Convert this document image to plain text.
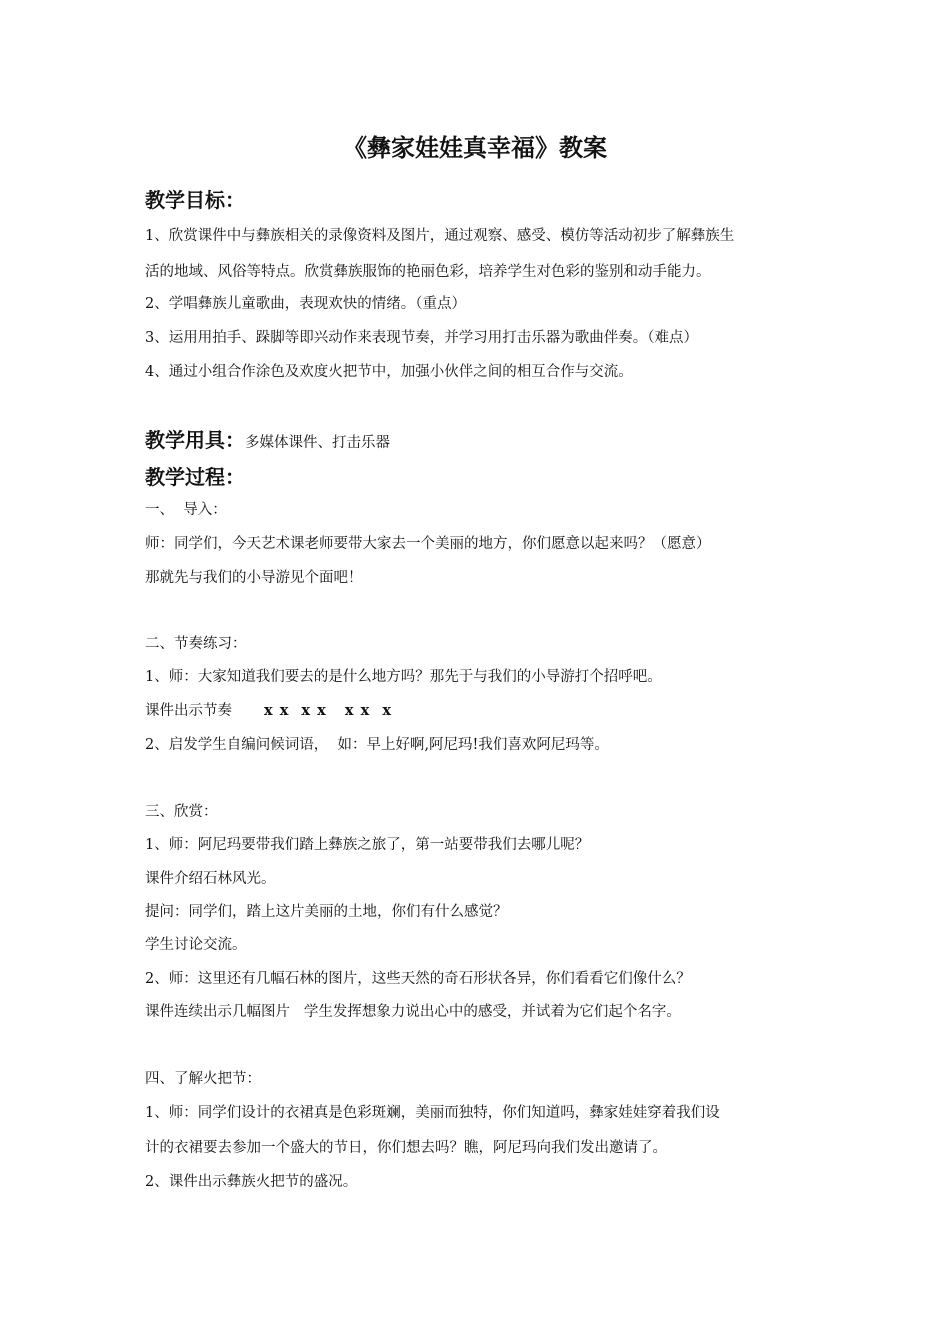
《彝家娃娃真幸福》教案
教学目标：
1、欣赏课件中与彝族相关的录像资料及图片，通过观察、感受、模仿等活动初步了解彝族生
活的地域、风俗等特点。欣赏彝族服饰的艳丽色彩，培养学生对色彩的鉴别和动手能力。
2、学唱彝族儿童歌曲，表现欢快的情绪。（重点）
3、运用用拍手、跺脚等即兴动作来表现节奏，并学习用打击乐器为歌曲伴奏。（难点）
4、通过小组合作涂色及欢度火把节中，加强小伙伴之间的相互合作与交流。
教学用具：多媒体课件、打击乐器
教学过程：
一、  导入：
师：同学们，今天艺术课老师要带大家去一个美丽的地方，你们愿意以起来吗？（愿意）
那就先与我们的小导游见个面吧！
二、节奏练习：
1、师：大家知道我们要去的是什么地方吗？那先于与我们的小导游打个招呼吧。
课件出示节奏 x x  x x   x x  x
2、启发学生自编问候词语，  如：早上好啊,阿尼玛!我们喜欢阿尼玛等。
三、欣赏：
1、师：阿尼玛要带我们踏上彝族之旅了，第一站要带我们去哪儿呢？
课件介绍石林风光。
提问：同学们，踏上这片美丽的土地，你们有什么感觉？
学生讨论交流。
2、师：这里还有几幅石林的图片，这些天然的奇石形状各异，你们看看它们像什么？
课件连续出示几幅图片   学生发挥想象力说出心中的感受，并试着为它们起个名字。
四、了解火把节：
1、师：同学们设计的衣裙真是色彩斑斓，美丽而独特，你们知道吗，彝家娃娃穿着我们设
计的衣裙要去参加一个盛大的节日，你们想去吗？瞧，阿尼玛向我们发出邀请了。
2、课件出示彝族火把节的盛况。
